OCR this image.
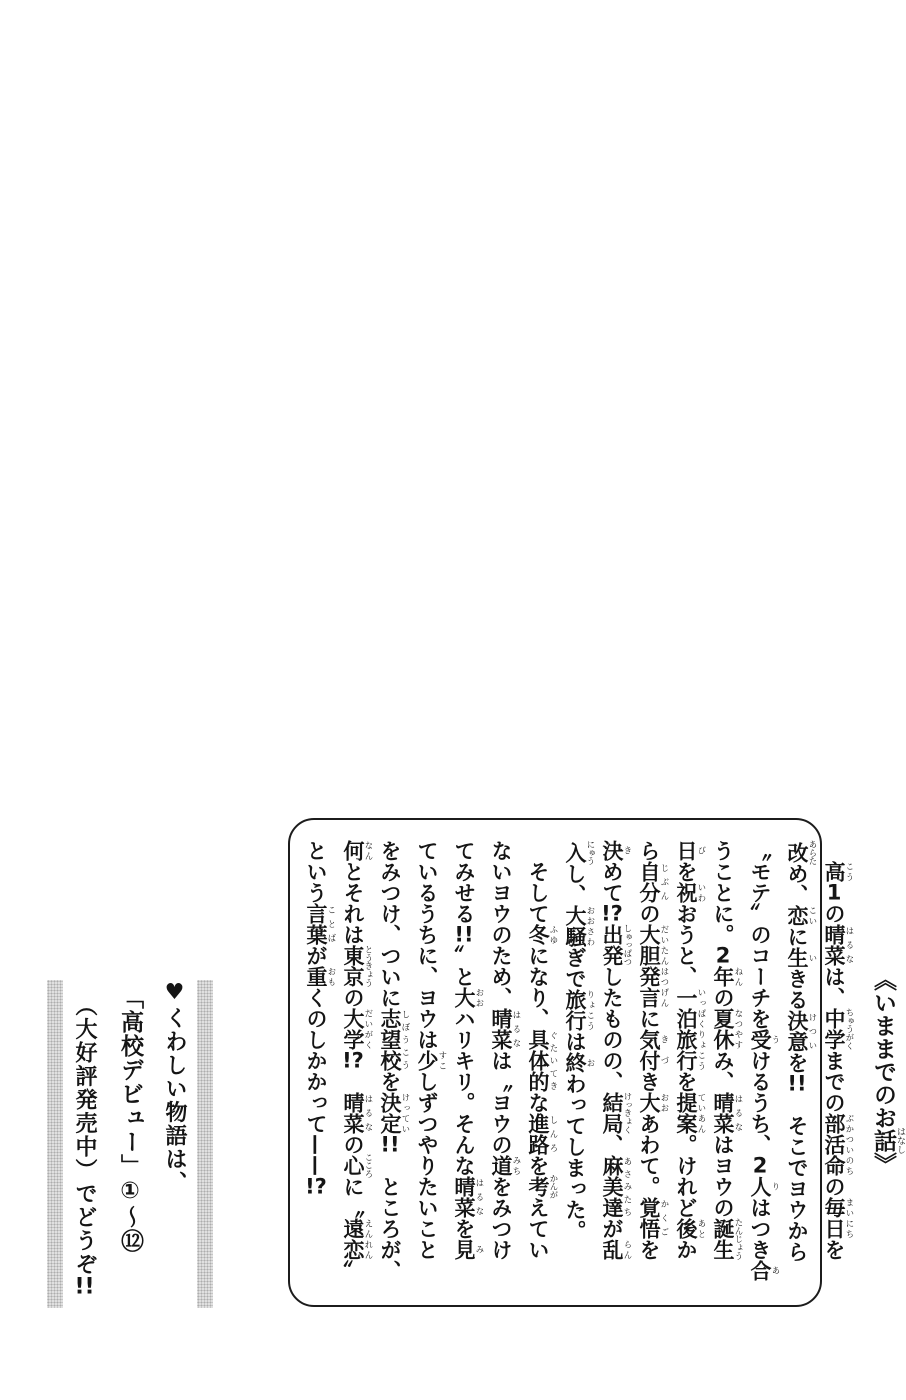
《いままでのお話はなし》
　高 こう1の晴菜 はるなは、中学 ちゅうがくまでの部活命 ぶかついのちの毎日 まいにちを
改 あらため、恋 こいに生 いきる決意 けついを!!　そこでヨウから
〝モテ〟のコーチを受 うけるうち、2人 りはつき合 あ
うことに。2年 ねんの夏休 なつやすみ、晴菜 はるなはヨウの誕生 たんじょう
日 びを祝 いわおうと、一泊旅行 いっぱくりょこうを提案 ていあん。けれど後 あとか
ら自分 じぶんの大胆発言 だいたんはつげんに気付 きづき大 おおあわて。覚悟 かくごを
決 きめて!?出発 しゅっぱつしたものの、結局 けっきょく、麻美達 あさみたちが乱 らん
入 にゅうし、大騒 おおさわぎで旅行 りょこうは終 おわってしまった。
　そして冬 ふゆになり、具体的 ぐたいてきな進路 しんろを考 かんがえてい
ないヨウのため、晴菜 はるなは〝ヨウの道 みちをみつけ
てみせる!!〟と大 おおハリキリ。そんな晴菜 はるなを見 み
ているうちに、ヨウは少 すこしずつやりたいこと
をみつけ、ついに志望校 しぼうこうを決定 けってい!!　ところが、
何 なんとそれは東京 とうきょうの大学 だいがく!?　晴菜 はるなの心 こころに〝遠恋 えんれん〟
という言葉 ことばが重 おもくのしかかって——!?
♥くわしい物語は、
「高校デビュー」①〜⑫
（大好評発売中）でどうぞ!!
